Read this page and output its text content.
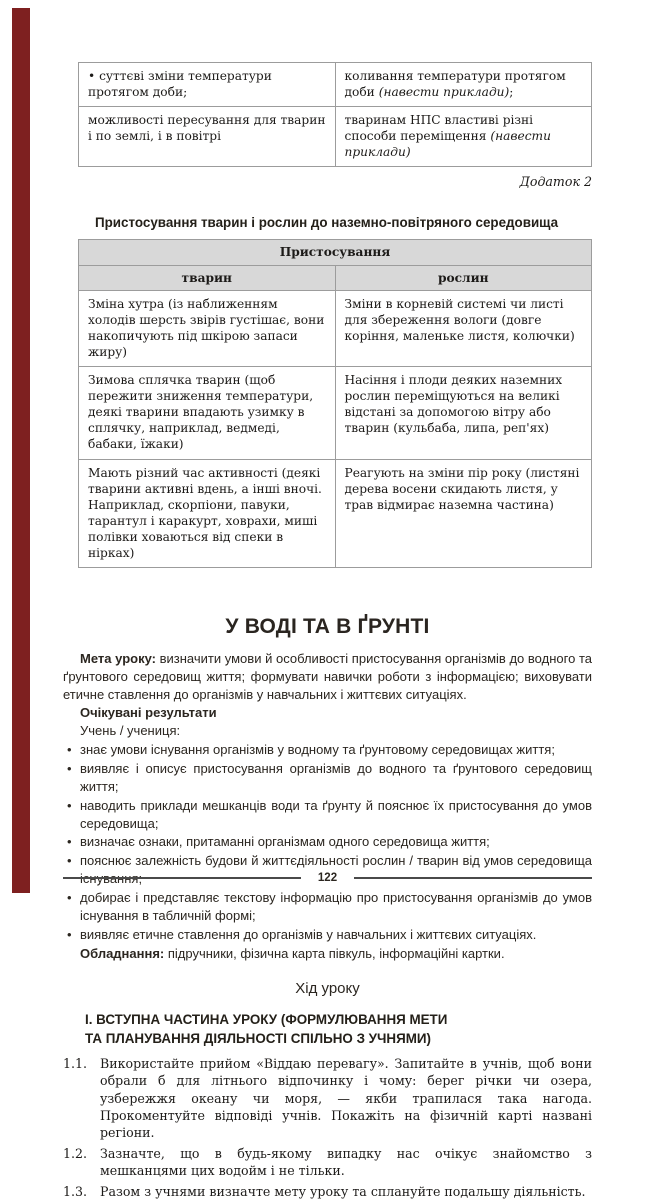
• суттєві зміни температури протягом доби;	коливання температури протягом доби (навести приклади);
можливості пересування для тварин і по землі, і в повітрі	тваринам НПС властиві різні способи переміщення (навести приклади)
Додаток 2
Пристосування тварин і рослин до наземно-повітряного середовища
Пристосування	
тварин	рослин
Зміна хутра (із наближенням холодів шерсть звірів густішає, вони накопичують під шкірою запаси жиру)	Зміни в корневій системі чи листі для збереження вологи (довге коріння, маленьке листя, колючки)
Зимова сплячка тварин (щоб пережити зниження температури, деякі тварини впадають узимку в сплячку, наприклад, ведмеді, бабаки, їжаки)	Насіння і плоди деяких наземних рослин переміщуються на великі відстані за допомогою вітру або тварин (кульбаба, липа, реп'ях)
Мають різний час активності (деякі тварини активні вдень, а інші вночі. Наприклад, скорпіони, павуки, тарантул і каракурт, ховрахи, миші полівки ховаються від спеки в нірках)	Реагують на зміни пір року (листяні дерева восени скидають листя, у трав відмирає наземна частина)
У ВОДІ ТА В ҐРУНТІ
Мета уроку: визначити умови й особливості пристосування організмів до водного та ґрунтового середовищ життя; формувати навички роботи з інформацією; виховувати етичне ставлення до організмів у навчальних і життєвих ситуаціях.
Очікувані результати
Учень / учениця:
• знає умови існування організмів у водному та ґрунтовому середовищах життя;
• виявляє і описує пристосування організмів до водного та ґрунтового середовищ життя;
• наводить приклади мешканців води та ґрунту й пояснює їх пристосування до умов середовища;
• визначає ознаки, притаманні організмам одного середовища життя;
• пояснює залежність будови й життєдіяльності рослин / тварин від умов середовища існування;
• добирає і представляє текстову інформацію про пристосування організмів до умов існування в табличній формі;
• виявляє етичне ставлення до організмів у навчальних і життєвих ситуаціях.
Обладнання: підручники, фізична карта півкуль, інформаційні картки.
Хід уроку
І. ВСТУПНА ЧАСТИНА УРОКУ (ФОРМУЛЮВАННЯ МЕТИ
ТА ПЛАНУВАННЯ ДІЯЛЬНОСТІ СПІЛЬНО З УЧНЯМИ)
1.1. Використайте прийом «Віддаю перевагу». Запитайте в учнів, щоб вони обрали б для літнього відпочинку і чому: берег річки чи озера, узбережжя океану чи моря, — якби трапилася така нагода. Прокоментуйте відповіді учнів. Покажіть на фізичній карті названі регіони.
1.2. Зазначте, що в будь-якому випадку нас очікує знайомство з мешканцями цих водойм і не тільки.
1.3. Разом з учнями визначте мету уроку та сплануйте подальшу діяльність.
122
